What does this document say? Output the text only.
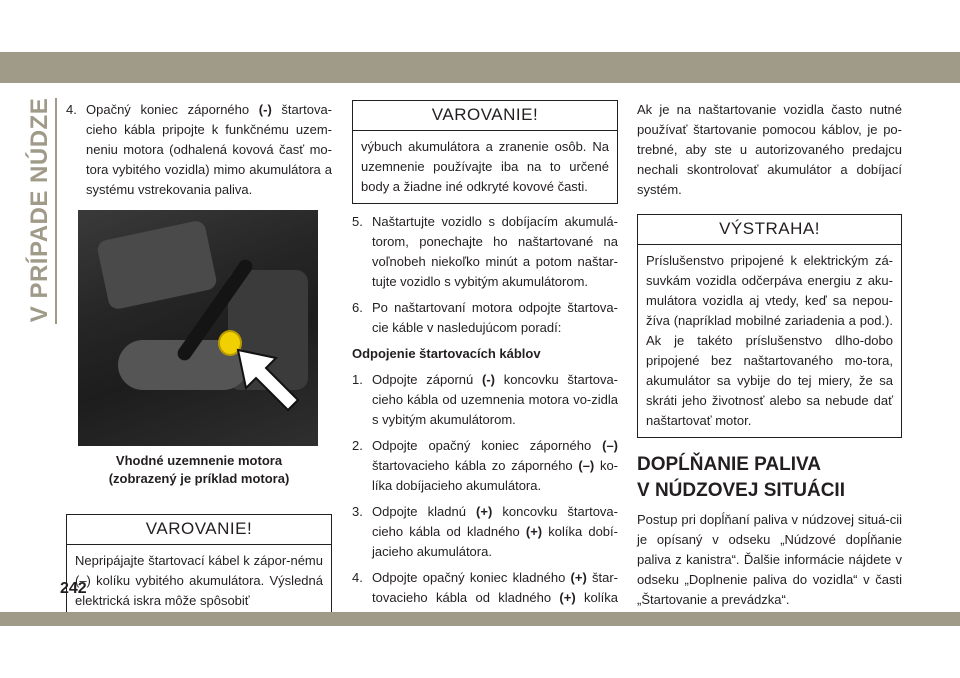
V PRÍPADE NÚDZE 4. Opačný koniec záporného (-) štartova-cieho kábla pripojte k funkčnému uzem-neniu motora (odhalená kovová časť mo-tora vybitého vozidla) mimo akumulátora a systému vstrekovania paliva.
Vhodné uzemnenie motora
(zobrazený je príklad motora)
VAROVANIE!
Nepripájajte štartovací kábel k zápor-nému (–) kolíku vybitého akumulátora. Výsledná elektrická iskra môže spôsobiť
VAROVANIE!
výbuch akumulátora a zranenie osôb. Na uzemnenie používajte iba na to určené body a žiadne iné odkryté kovové časti.
5. Naštartujte vozidlo s dobíjacím akumulá-torom, ponechajte ho naštartované na voľnobeh niekoľko minút a potom naštar-tujte vozidlo s vybitým akumulátorom.
6. Po naštartovaní motora odpojte štartova-cie káble v nasledujúcom poradí:
Odpojenie štartovacích káblov
1. Odpojte zápornú (-) koncovku štartova-cieho kábla od uzemnenia motora vo-zidla s vybitým akumulátorom.
2. Odpojte opačný koniec záporného (–) štartovacieho kábla zo záporného (–) ko-líka dobíjacieho akumulátora.
3. Odpojte kladnú (+) koncovku štartova-cieho kábla od kladného (+) kolíka dobí-jacieho akumulátora.
4. Odpojte opačný koniec kladného (+) štar-tovacieho kábla od kladného (+) kolíka
Ak je na naštartovanie vozidla často nutné používať štartovanie pomocou káblov, je po-trebné, aby ste u autorizovaného predajcu nechali skontrolovať akumulátor a dobíjací systém.
VÝSTRAHA!
Príslušenstvo pripojené k elektrickým zá-suvkám vozidla odčerpáva energiu z aku-mulátora vozidla aj vtedy, keď sa nepou-žíva (napríklad mobilné zariadenia a pod.). Ak je takéto príslušenstvo dlho-dobo pripojené bez naštartovaného mo-tora, akumulátor sa vybije do tej miery, že sa skráti jeho životnosť alebo sa nebude dať naštartovať motor.
DOPĹŇANIE PALIVA
V NÚDZOVEJ SITUÁCII
Postup pri dopĺňaní paliva v núdzovej situá-cii je opísaný v odseku „Núdzové dopĺňanie paliva z kanistra“. Ďalšie informácie nájdete v odseku „Doplnenie paliva do vozidla“ v časti „Štartovanie a prevádzka“.
242
